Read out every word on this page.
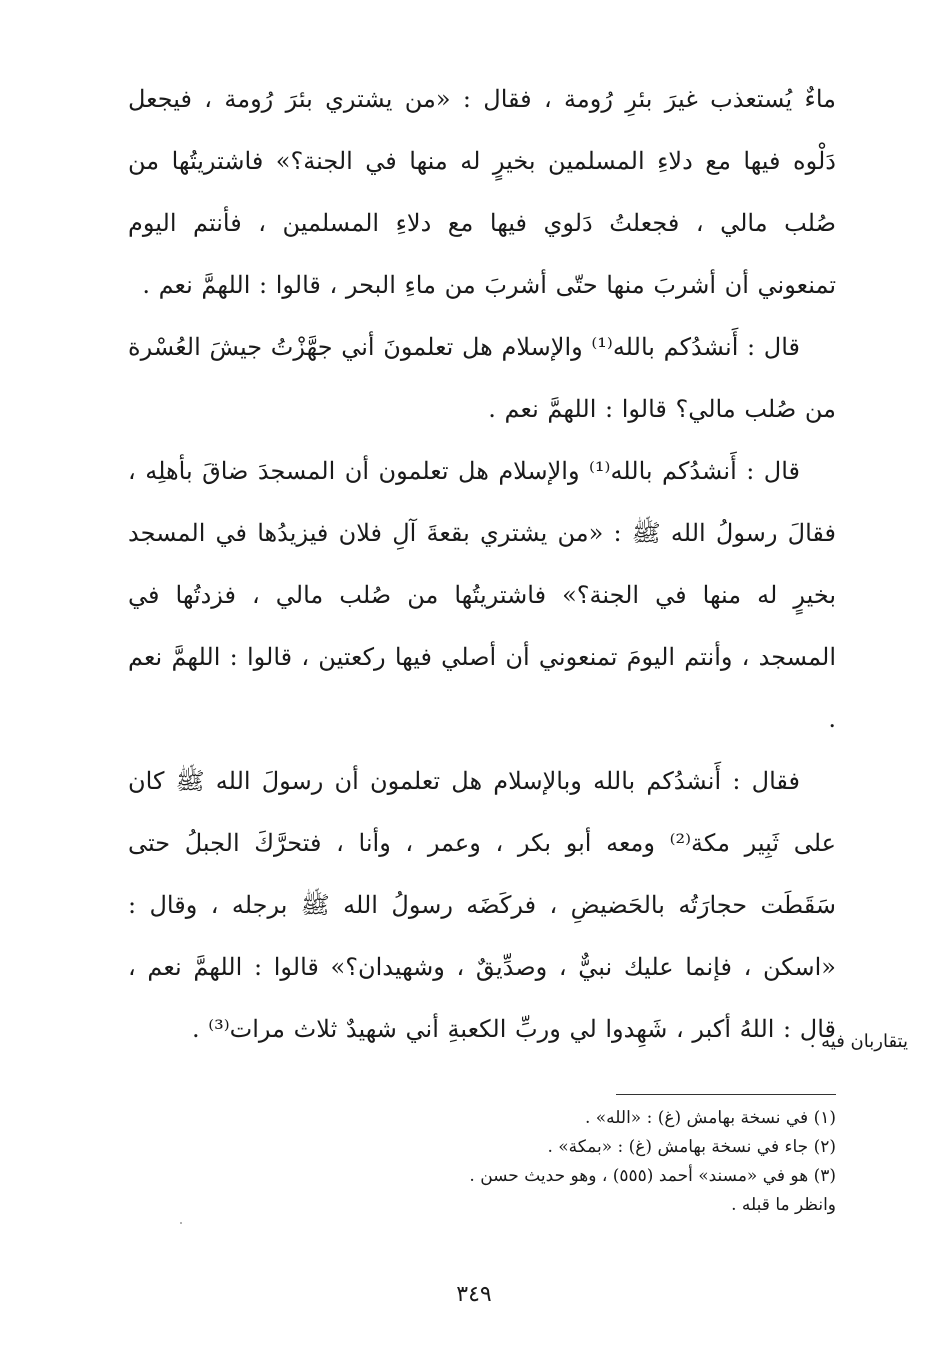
ماءٌ يُستعذب غيرَ بئرِ رُومة ، فقال : «من يشتري بئرَ رُومة ، فيجعل دَلْوه فيها مع دلاءِ المسلمين بخيرٍ له منها في الجنة؟» فاشتريتُها من صُلب مالي ، فجعلتُ دَلوي فيها مع دلاءِ المسلمين ، فأنتم اليوم تمنعوني أن أشربَ منها حتّى أشربَ من ماءِ البحر ، قالوا : اللهمَّ نعم .

قال : أَنشدُكم بالله⁽¹⁾ والإسلام هل تعلمونَ أني جهَّزْتُ جيشَ العُسْرة من صُلب مالي؟ قالوا : اللهمَّ نعم .

قال : أَنشدُكم بالله⁽¹⁾ والإسلام هل تعلمون أن المسجدَ ضاقَ بأهلِه ، فقالَ رسولُ الله ﷺ : «من يشتري بقعةَ آلِ فلان فيزيدُها في المسجد بخيرٍ له منها في الجنة؟» فاشتريتُها من صُلب مالي ، فزدتُها في المسجد ، وأنتم اليومَ تمنعوني أن أصلي فيها ركعتين ، قالوا : اللهمَّ نعم .

فقال : أَنشدُكم بالله وبالإسلام هل تعلمون أن رسولَ الله ﷺ كان على ثَبِير مكة⁽²⁾ ومعه أبو بكر ، وعمر ، وأنا ، فتحرَّكَ الجبلُ حتى سَقَطَت حجارَتُه بالحَضيضِ ، فركَضَه رسولُ الله ﷺ برجله ، وقال : «اسكن ، فإنما عليك نبيٌّ ، وصدِّيقٌ ، وشهيدان؟» قالوا : اللهمَّ نعم ، قال : اللهُ أكبر ، شَهِدوا لي وربِّ الكعبةِ أني شهيدٌ ثلاث مرات⁽³⁾ .

يتقاربان فيه .

(١) في نسخة بهامش (غ) : «الله» .

(٢) جاء في نسخة بهامش (غ) : «بمكة» .

(٣) هو في «مسند» أحمد (٥٥٥) ، وهو حديث حسن .

وانظر ما قبله .

٣٤٩
